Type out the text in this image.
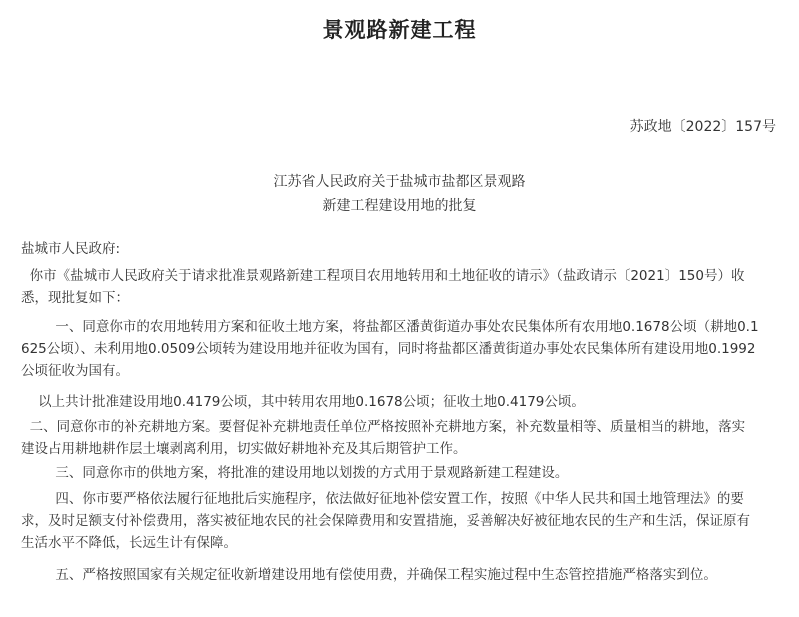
景观路新建工程
苏政地〔2022〕157号
江苏省人民政府关于盐城市盐都区景观路
新建工程建设用地的批复
盐城市人民政府:
你市《盐城市人民政府关于请求批准景观路新建工程项目农用地转用和土地征收的请示》（盐政请示〔2021〕150号）收
悉，现批复如下：
一、同意你市的农用地转用方案和征收土地方案，将盐都区潘黄街道办事处农民集体所有农用地0.1678公顷（耕地0.1
625公顷）、未利用地0.0509公顷转为建设用地并征收为国有，同时将盐都区潘黄街道办事处农民集体所有建设用地0.1992
公顷征收为国有。
以上共计批准建设用地0.4179公顷，其中转用农用地0.1678公顷；征收土地0.4179公顷。
二、同意你市的补充耕地方案。要督促补充耕地责任单位严格按照补充耕地方案，补充数量相等、质量相当的耕地，落实
建设占用耕地耕作层土壤剥离利用，切实做好耕地补充及其后期管护工作。
三、同意你市的供地方案，将批准的建设用地以划拨的方式用于景观路新建工程建设。
四、你市要严格依法履行征地批后实施程序，依法做好征地补偿安置工作，按照《中华人民共和国土地管理法》的要
求，及时足额支付补偿费用，落实被征地农民的社会保障费用和安置措施，妥善解决好被征地农民的生产和生活，保证原有
生活水平不降低，长远生计有保障。
五、严格按照国家有关规定征收新增建设用地有偿使用费，并确保工程实施过程中生态管控措施严格落实到位。
